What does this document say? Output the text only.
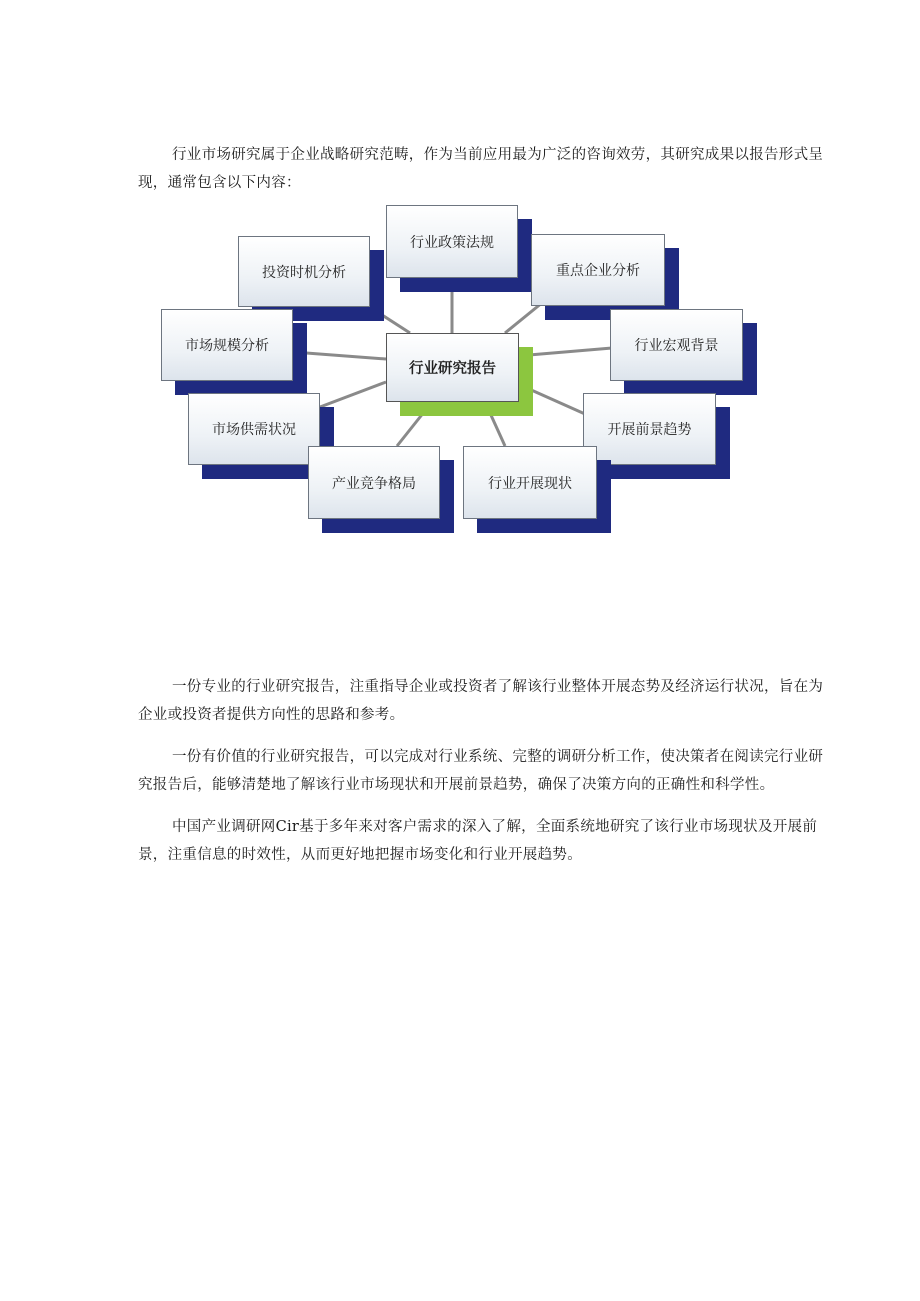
行业市场研究属于企业战略研究范畴，作为当前应用最为广泛的咨询效劳，其研究成果以报告形式呈现，通常包含以下内容：

行业政策法规
投资时机分析	重点企业分析
市场规模分析	行业宏观背景
行业研究报告
市场供需状况	开展前景趋势
产业竞争格局	行业开展现状

一份专业的行业研究报告，注重指导企业或投资者了解该行业整体开展态势及经济运行状况，旨在为企业或投资者提供方向性的思路和参考。

一份有价值的行业研究报告，可以完成对行业系统、完整的调研分析工作，使决策者在阅读完行业研究报告后，能够清楚地了解该行业市场现状和开展前景趋势，确保了决策方向的正确性和科学性。

中国产业调研网Cir基于多年来对客户需求的深入了解，全面系统地研究了该行业市场现状及开展前景，注重信息的时效性，从而更好地把握市场变化和行业开展趋势。
